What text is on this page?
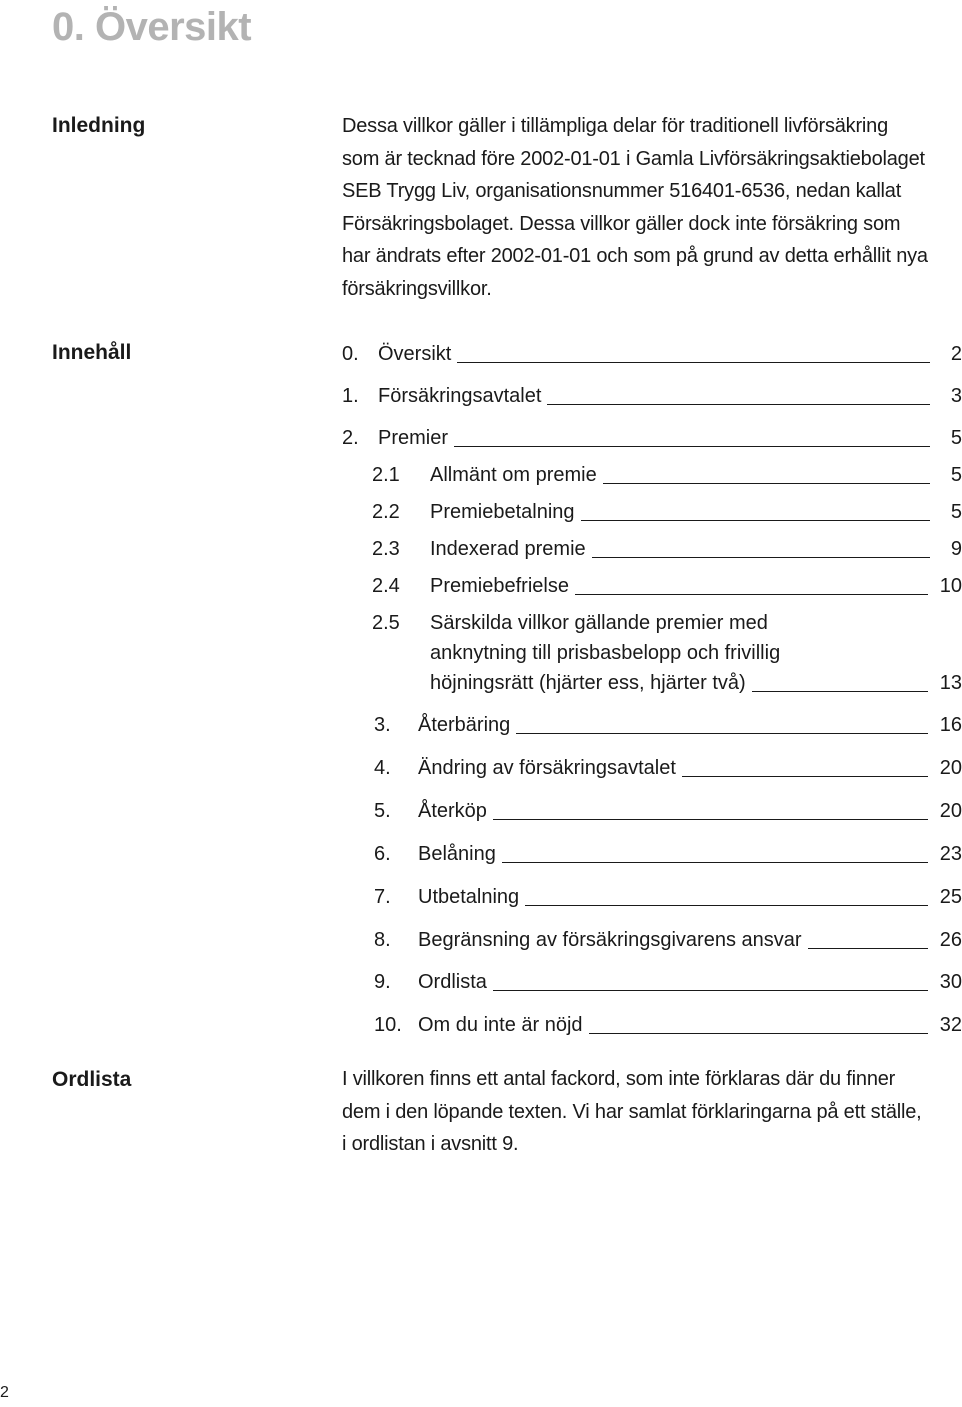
0. Översikt
Inledning	Dessa villkor gäller i tillämpliga delar för traditionell livförsäkring

som är tecknad före 2002-01-01 i Gamla Livförsäkringsaktiebolaget

SEB Trygg Liv, organisationsnummer 516401-6536, nedan kallat

Försäkringsbolaget. Dessa villkor gäller dock inte försäkring som

har ändrats efter 2002-01-01 och som på grund av detta erhållit nya

försäkringsvillkor.

Innehåll	0. Översikt	2
1. Försäkringsavtalet	3
2. Premier	5
2.1	Allmänt om premie	5
2.2	Premiebetalning	5
2.3	Indexerad premie	9
2.4	Premiebefrielse	10
2.5	Särskilda villkor gällande premier med
anknytning till prisbasbelopp och frivillig
höjningsrätt (hjärter ess, hjärter två)	13
3.	Återbäring	16
4.	Ändring av försäkringsavtalet	20
5.	Återköp	20
6.	Belåning	23
7.	Utbetalning	25
8.	Begränsning av försäkringsgivarens ansvar	26
9.	Ordlista	30
10. Om du inte är nöjd	32
Ordlista	I villkoren finns ett antal fackord, som inte förklaras där du finner

dem i den löpande texten. Vi har samlat förklaringarna på ett ställe,

i ordlistan i avsnitt 9.

2
